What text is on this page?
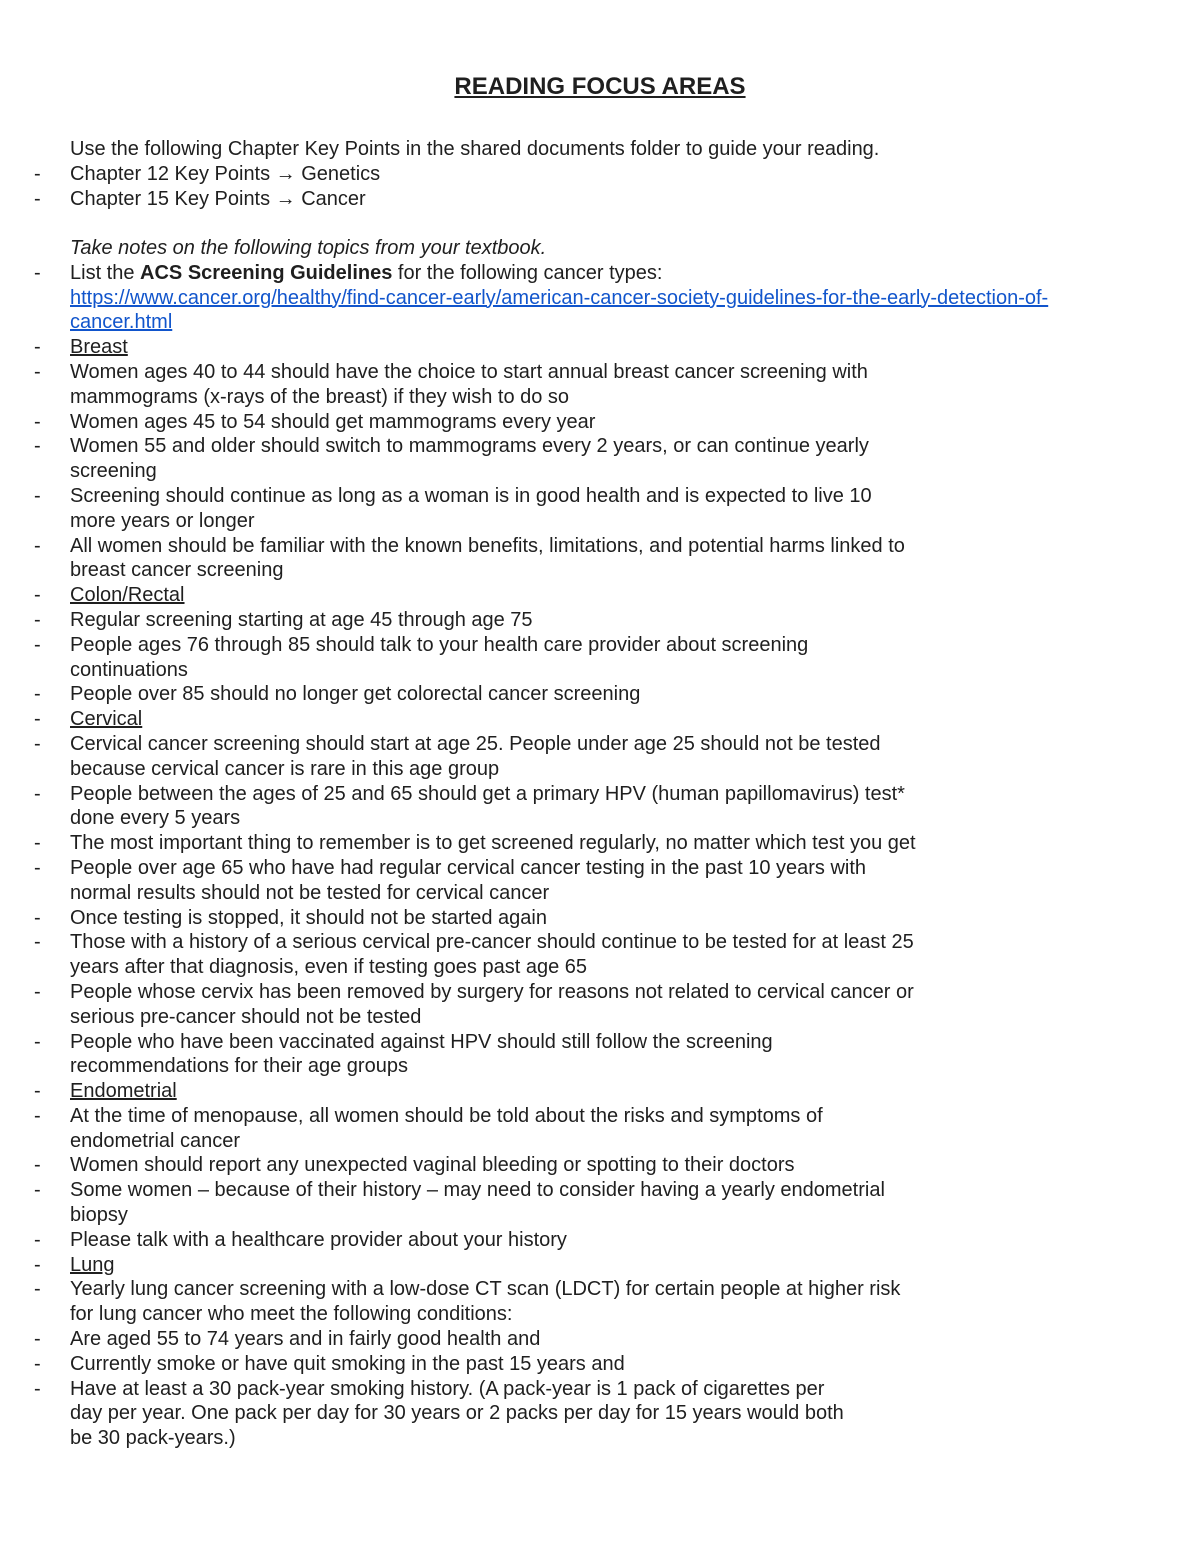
READING FOCUS AREAS
Use the following Chapter Key Points in the shared documents folder to guide your reading.
- Chapter 12 Key Points → Genetics
- Chapter 15 Key Points → Cancer
Take notes on the following topics from your textbook.
- List the ACS Screening Guidelines for the following cancer types:
https://www.cancer.org/healthy/find-cancer-early/american-cancer-society-guidelines-for-the-early-detection-of-cancer.html
- Breast
- Women ages 40 to 44 should have the choice to start annual breast cancer screening with mammograms (x-rays of the breast) if they wish to do so
- Women ages 45 to 54 should get mammograms every year
- Women 55 and older should switch to mammograms every 2 years, or can continue yearly screening
- Screening should continue as long as a woman is in good health and is expected to live 10 more years or longer
- All women should be familiar with the known benefits, limitations, and potential harms linked to breast cancer screening
- Colon/Rectal
- Regular screening starting at age 45 through age 75
- People ages 76 through 85 should talk to your health care provider about screening continuations
- People over 85 should no longer get colorectal cancer screening
- Cervical
- Cervical cancer screening should start at age 25. People under age 25 should not be tested because cervical cancer is rare in this age group
- People between the ages of 25 and 65 should get a primary HPV (human papillomavirus) test* done every 5 years
- The most important thing to remember is to get screened regularly, no matter which test you get
- People over age 65 who have had regular cervical cancer testing in the past 10 years with normal results should not be tested for cervical cancer
- Once testing is stopped, it should not be started again
- Those with a history of a serious cervical pre-cancer should continue to be tested for at least 25 years after that diagnosis, even if testing goes past age 65
- People whose cervix has been removed by surgery for reasons not related to cervical cancer or serious pre-cancer should not be tested
- People who have been vaccinated against HPV should still follow the screening recommendations for their age groups
- Endometrial
- At the time of menopause, all women should be told about the risks and symptoms of endometrial cancer
- Women should report any unexpected vaginal bleeding or spotting to their doctors
- Some women – because of their history – may need to consider having a yearly endometrial biopsy
- Please talk with a healthcare provider about your history
- Lung
- Yearly lung cancer screening with a low-dose CT scan (LDCT) for certain people at higher risk for lung cancer who meet the following conditions:
- Are aged 55 to 74 years and in fairly good health and
- Currently smoke or have quit smoking in the past 15 years and
- Have at least a 30 pack-year smoking history. (A pack-year is 1 pack of cigarettes per day per year. One pack per day for 30 years or 2 packs per day for 15 years would both be 30 pack-years.)
